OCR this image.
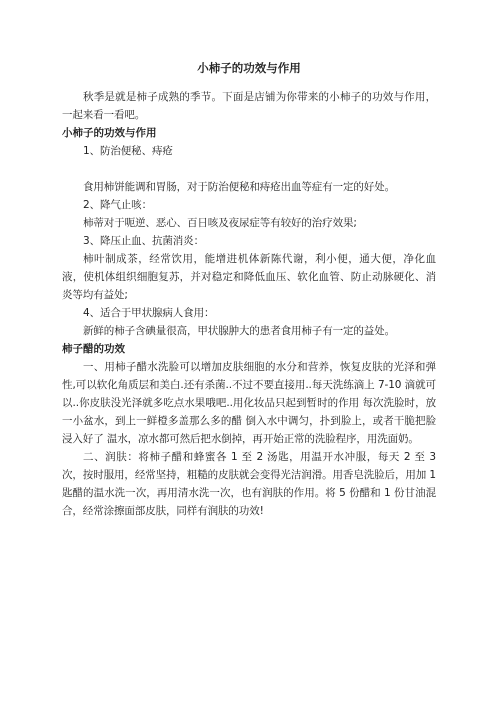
小柿子的功效与作用

秋季是就是柿子成熟的季节。下面是店铺为你带来的小柿子的功效与作用，一起来看一看吧。

小柿子的功效与作用

1、防治便秘、痔疮

食用柿饼能调和胃肠，对于防治便秘和痔疮出血等症有一定的好处。

2、降气止咳：

柿蒂对于呃逆、恶心、百日咳及夜尿症等有较好的治疗效果;

3、降压止血、抗菌消炎：

柿叶制成茶，经常饮用，能增进机体新陈代谢，利小便，通大便，净化血液，使机体组织细胞复苏，并对稳定和降低血压、软化血管、防止动脉硬化、消炎等均有益处;

4、适合于甲状腺病人食用：

新鲜的柿子含碘量很高，甲状腺肿大的患者食用柿子有一定的益处。

柿子醋的功效

一、用柿子醋水洗脸可以增加皮肤细胞的水分和营养，恢复皮肤的光泽和弹性,可以软化角质层和美白.还有杀菌..不过不要直接用..每天洗练滴上 7-10 滴就可以..你皮肤没光泽就多吃点水果哦吧..用化妆品只起到暂时的作用 每次洗脸时，放一小盆水，到上一鲜橙多盖那么多的醋 倒入水中调匀，扑到脸上，或者干脆把脸浸入好了 温水，凉水都可然后把水倒掉，再开始正常的洗脸程序，用洗面奶。

二、润肤：将柿子醋和蜂蜜各 1 至 2 汤匙，用温开水冲服，每天 2 至 3 次，按时服用，经常坚持，粗糙的皮肤就会变得光洁润滑。用香皂洗脸后，用加 1 匙醋的温水洗一次，再用清水洗一次，也有润肤的作用。将 5 份醋和 1 份甘油混合，经常涂擦面部皮肤，同样有润肤的功效!
